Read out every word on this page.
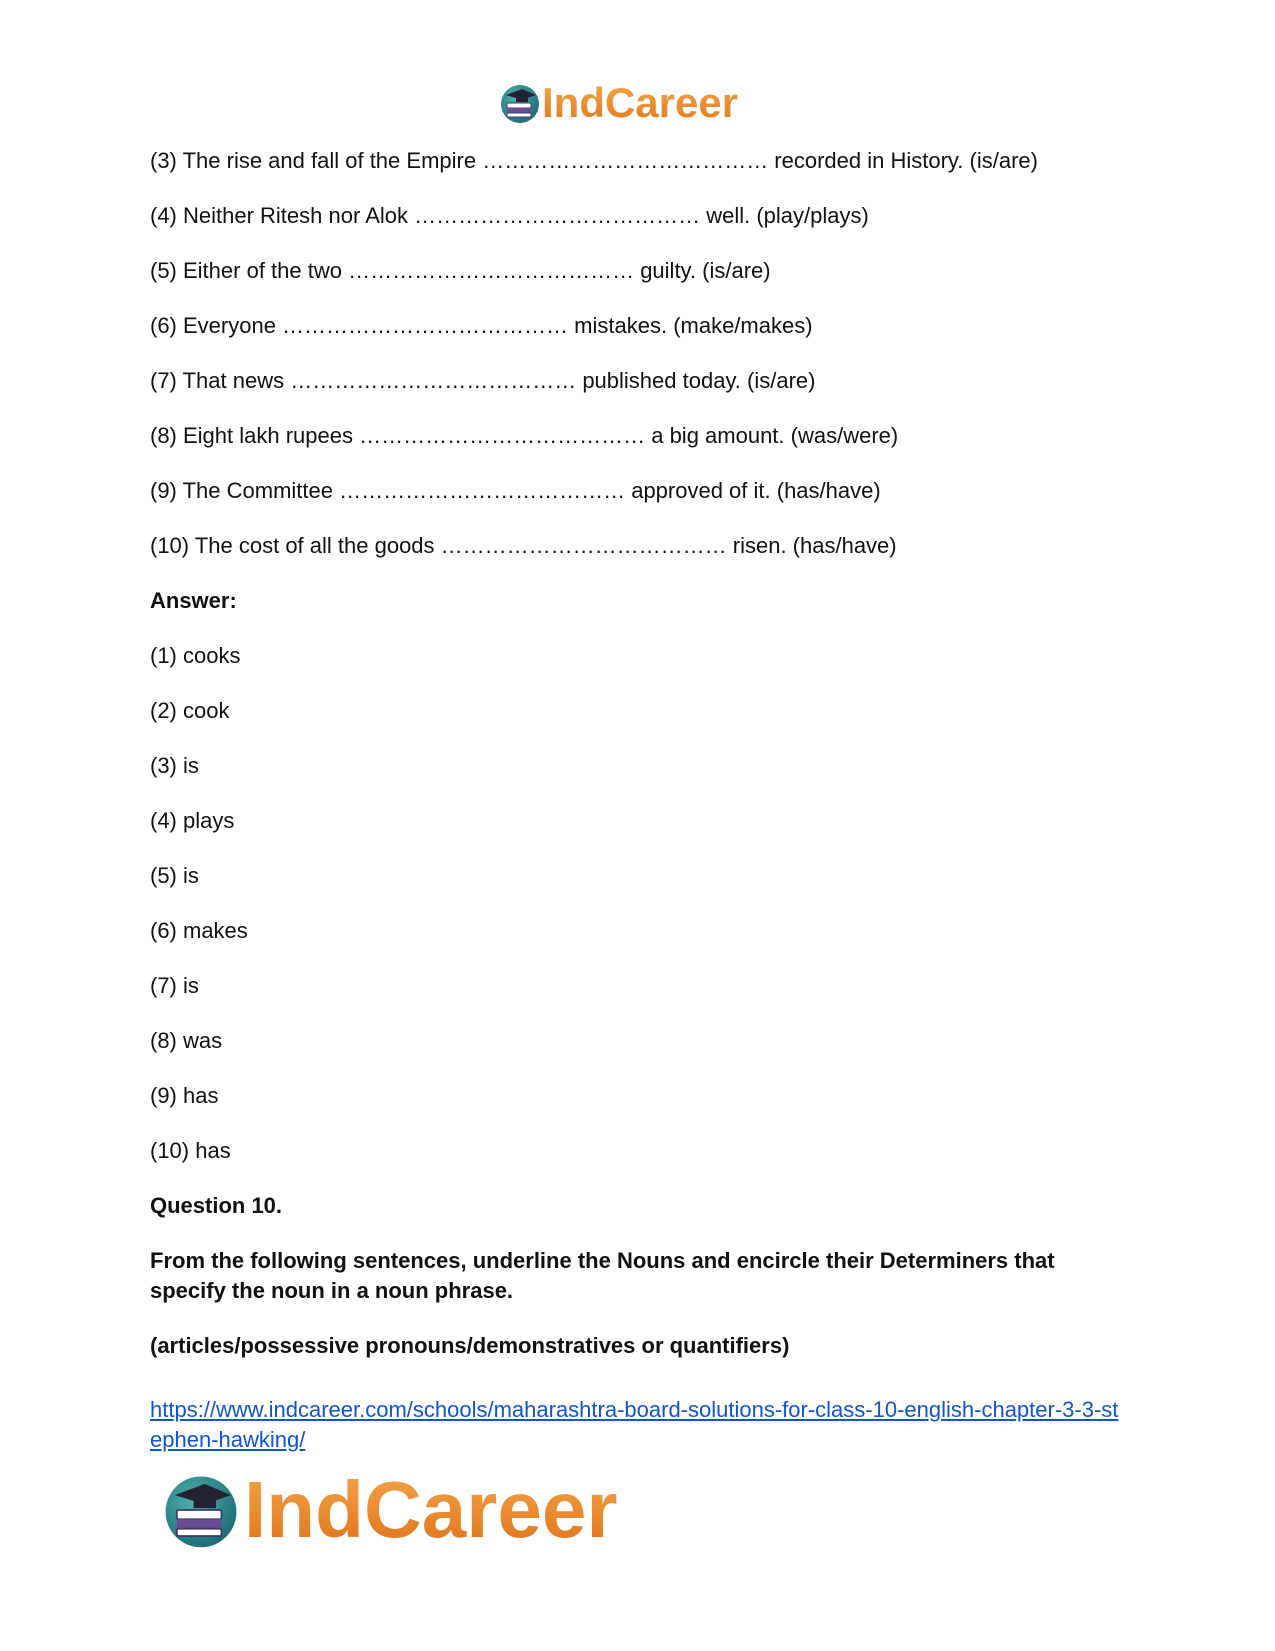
IndCareer
(3) The rise and fall of the Empire ………………………………… recorded in History. (is/are)
(4) Neither Ritesh nor Alok ………………………………… well. (play/plays)
(5) Either of the two ………………………………… guilty. (is/are)
(6) Everyone ………………………………… mistakes. (make/makes)
(7) That news ………………………………… published today. (is/are)
(8) Eight lakh rupees ………………………………… a big amount. (was/were)
(9) The Committee ………………………………… approved of it. (has/have)
(10) The cost of all the goods ………………………………… risen. (has/have)
Answer:
(1) cooks
(2) cook
(3) is
(4) plays
(5) is
(6) makes
(7) is
(8) was
(9) has
(10) has
Question 10.
From the following sentences, underline the Nouns and encircle their Determiners that specify the noun in a noun phrase.
(articles/possessive pronouns/demonstratives or quantifiers)
https://www.indcareer.com/schools/maharashtra-board-solutions-for-class-10-english-chapter-3-3-stephen-hawking/
IndCareer
